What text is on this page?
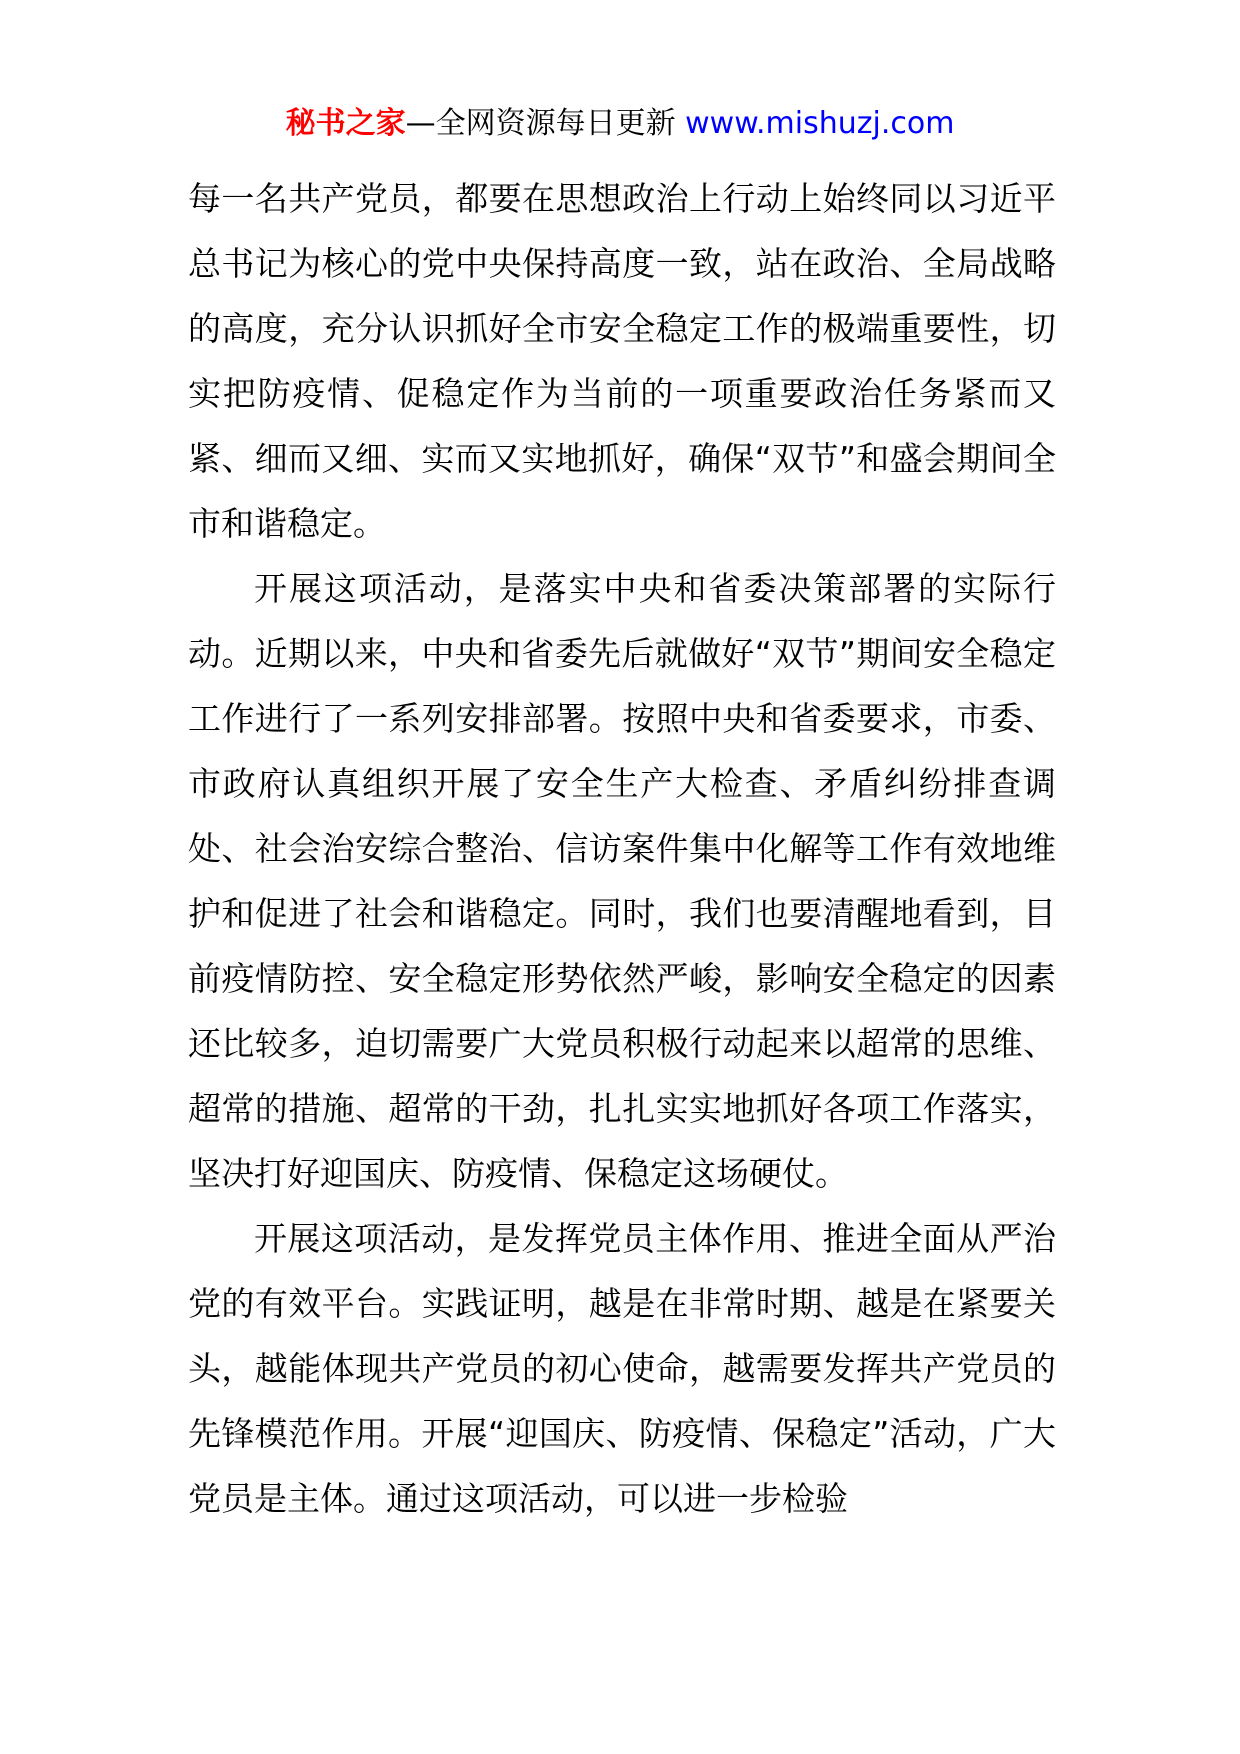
秘书之家—全网资源每日更新 www.mishuzj.com

每一名共产党员，都要在思想政治上行动上始终同以习近平总书记为核心的党中央保持高度一致，站在政治、全局战略的高度，充分认识抓好全市安全稳定工作的极端重要性，切实把防疫情、促稳定作为当前的一项重要政治任务紧而又紧、细而又细、实而又实地抓好，确保“双节”和盛会期间全市和谐稳定。

开展这项活动，是落实中央和省委决策部署的实际行动。近期以来，中央和省委先后就做好“双节”期间安全稳定工作进行了一系列安排部署。按照中央和省委要求，市委、市政府认真组织开展了安全生产大检查、矛盾纠纷排查调处、社会治安综合整治、信访案件集中化解等工作有效地维护和促进了社会和谐稳定。同时，我们也要清醒地看到，目前疫情防控、安全稳定形势依然严峻，影响安全稳定的因素还比较多，迫切需要广大党员积极行动起来以超常的思维、超常的措施、超常的干劲，扎扎实实地抓好各项工作落实，坚决打好迎国庆、防疫情、保稳定这场硬仗。

开展这项活动，是发挥党员主体作用、推进全面从严治党的有效平台。实践证明，越是在非常时期、越是在紧要关头，越能体现共产党员的初心使命，越需要发挥共产党员的先锋模范作用。开展“迎国庆、防疫情、保稳定”活动，广大党员是主体。通过这项活动，可以进一步检验
